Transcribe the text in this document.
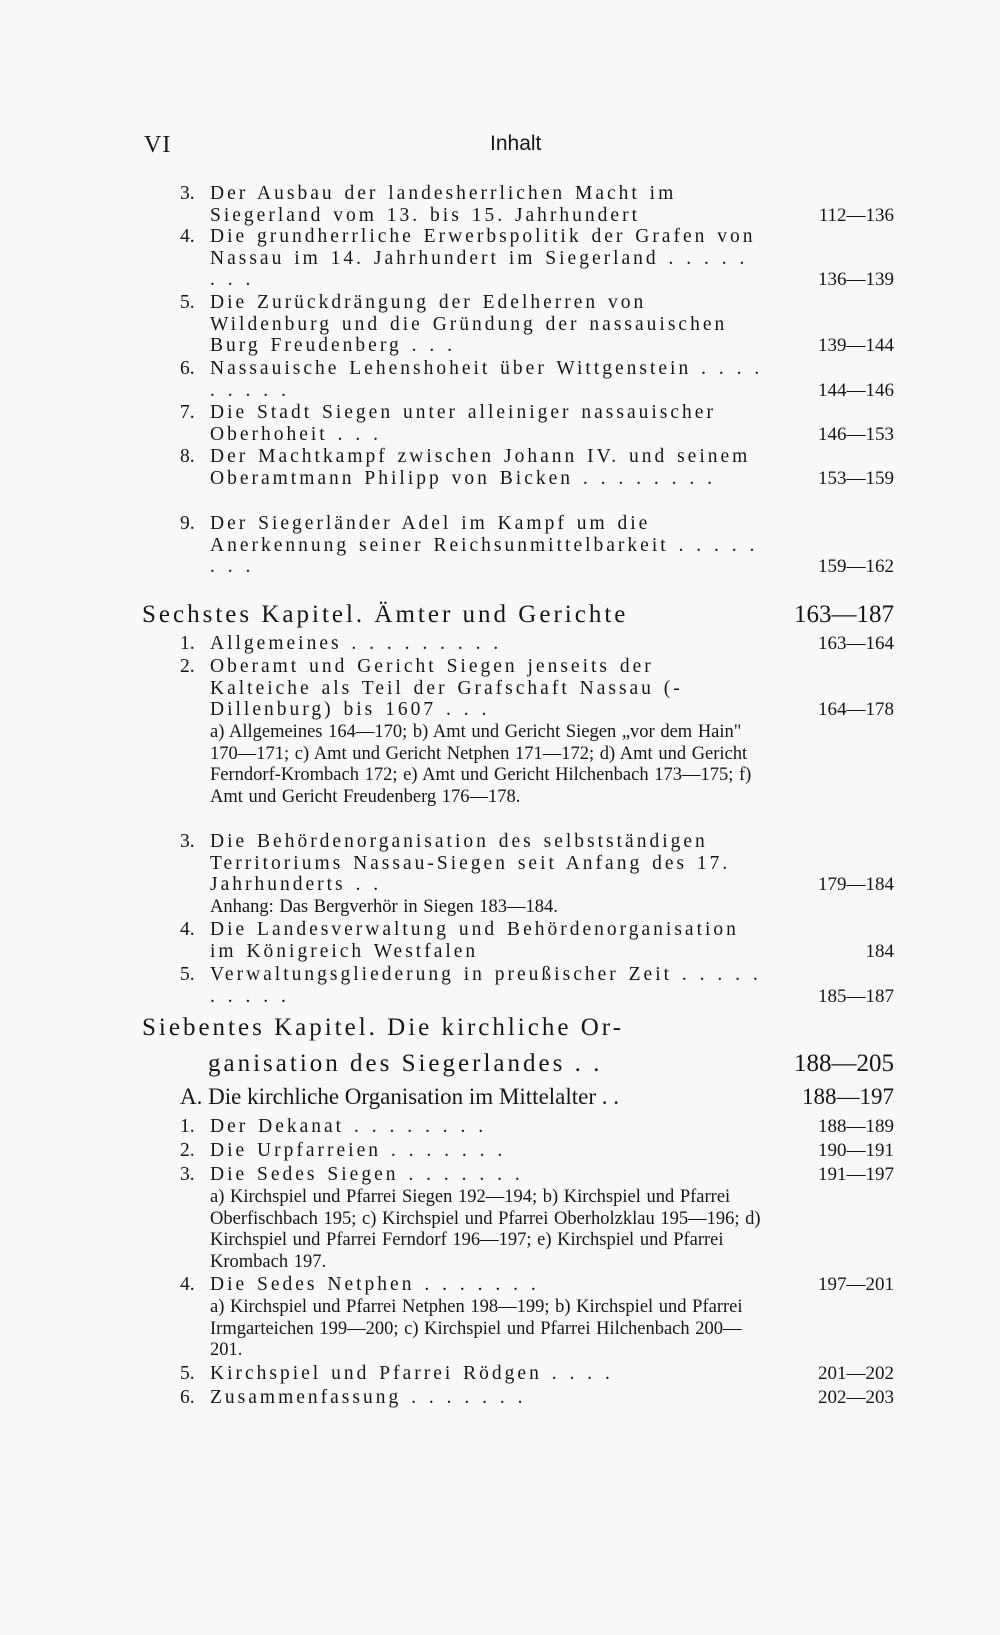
VI	Inhalt
3. Der Ausbau der landesherrlichen Macht im Siegerland vom 13. bis 15. Jahrhundert	112—136
4. Die grundherrliche Erwerbspolitik der Grafen von Nassau im 14. Jahrhundert im Siegerland . . . . . . . .	136—139
5. Die Zurückdrängung der Edelherren von Wildenburg und die Gründung der nassauischen Burg Freudenberg . . .	139—144
6. Nassauische Lehenshoheit über Wittgenstein . . . . . . . . .	144—146
7. Die Stadt Siegen unter alleiniger nassauischer Oberhoheit . . .	146—153
8. Der Machtkampf zwischen Johann IV. und seinem Oberamtmann Philipp von Bicken . . . . . . . .	153—159
9. Der Siegerländer Adel im Kampf um die Anerkennung seiner Reichsunmittelbarkeit . . . . . . . .	159—162
Sechstes Kapitel. Ämter und Gerichte	163—187
1. Allgemeines . . . . . . . . .	163—164
2. Oberamt und Gericht Siegen jenseits der Kalteiche als Teil der Grafschaft Nassau (-Dillenburg) bis 1607 . . .	164—178
a) Allgemeines 164—170; b) Amt und Gericht Siegen „vor dem Hain" 170—171; c) Amt und Gericht Netphen 171—172; d) Amt und Gericht Ferndorf-Krombach 172; e) Amt und Gericht Hilchenbach 173—175; f) Amt und Gericht Freudenberg 176—178.
3. Die Behördenorganisation des selbstständigen Territoriums Nassau-Siegen seit Anfang des 17. Jahrhunderts . .	179—184
Anhang: Das Bergverhör in Siegen 183—184.
4. Die Landesverwaltung und Behördenorganisation im Königreich Westfalen	184
5. Verwaltungsgliederung in preußischer Zeit . . . . . . . . . .	185—187
Siebentes Kapitel. Die kirchliche Or-
ganisation des Siegerlandes . .	188—205
A. Die kirchliche Organisation im Mittelalter . .	188—197
1. Der Dekanat . . . . . . . .	188—189
2. Die Urpfarreien . . . . . . .	190—191
3. Die Sedes Siegen . . . . . . .	191—197
a) Kirchspiel und Pfarrei Siegen 192—194; b) Kirchspiel und Pfarrei Oberfischbach 195; c) Kirchspiel und Pfarrei Oberholzklau 195—196; d) Kirchspiel und Pfarrei Ferndorf 196—197; e) Kirchspiel und Pfarrei Krombach 197.
4. Die Sedes Netphen . . . . . . .	197—201
a) Kirchspiel und Pfarrei Netphen 198—199; b) Kirchspiel und Pfarrei Irmgarteichen 199—200; c) Kirchspiel und Pfarrei Hilchenbach 200—201.
5. Kirchspiel und Pfarrei Rödgen . . . .	201—202
6. Zusammenfassung . . . . . . .	202—203
